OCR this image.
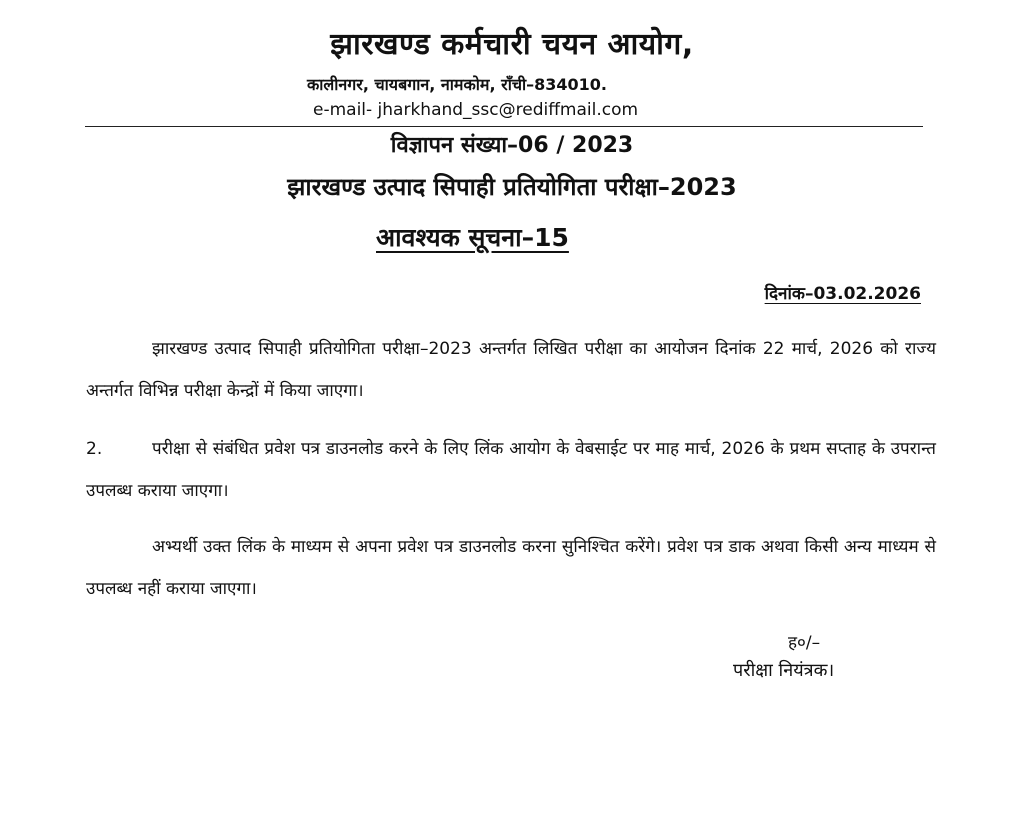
झारखण्ड कर्मचारी चयन आयोग,
कालीनगर, चायबगान, नामकोम, राँची–834010.
e-mail- jharkhand_ssc@rediffmail.com
विज्ञापन संख्या–06 / 2023
झारखण्ड उत्पाद सिपाही प्रतियोगिता परीक्षा–2023
आवश्यक सूचना–15
दिनांक–03.02.2026

झारखण्ड उत्पाद सिपाही प्रतियोगिता परीक्षा–2023 अन्तर्गत लिखित परीक्षा का आयोजन दिनांक 22 मार्च, 2026 को राज्य अन्तर्गत विभिन्न परीक्षा केन्द्रों में किया जाएगा।

2.	परीक्षा से संबंधित प्रवेश पत्र डाउनलोड करने के लिए लिंक आयोग के वेबसाईट पर माह मार्च, 2026 के प्रथम सप्ताह के उपरान्त उपलब्ध कराया जाएगा।

अभ्यर्थी उक्त लिंक के माध्यम से अपना प्रवेश पत्र डाउनलोड करना सुनिश्चित करेंगे। प्रवेश पत्र डाक अथवा किसी अन्य माध्यम से उपलब्ध नहीं कराया जाएगा।

ह०/–
परीक्षा नियंत्रक।
